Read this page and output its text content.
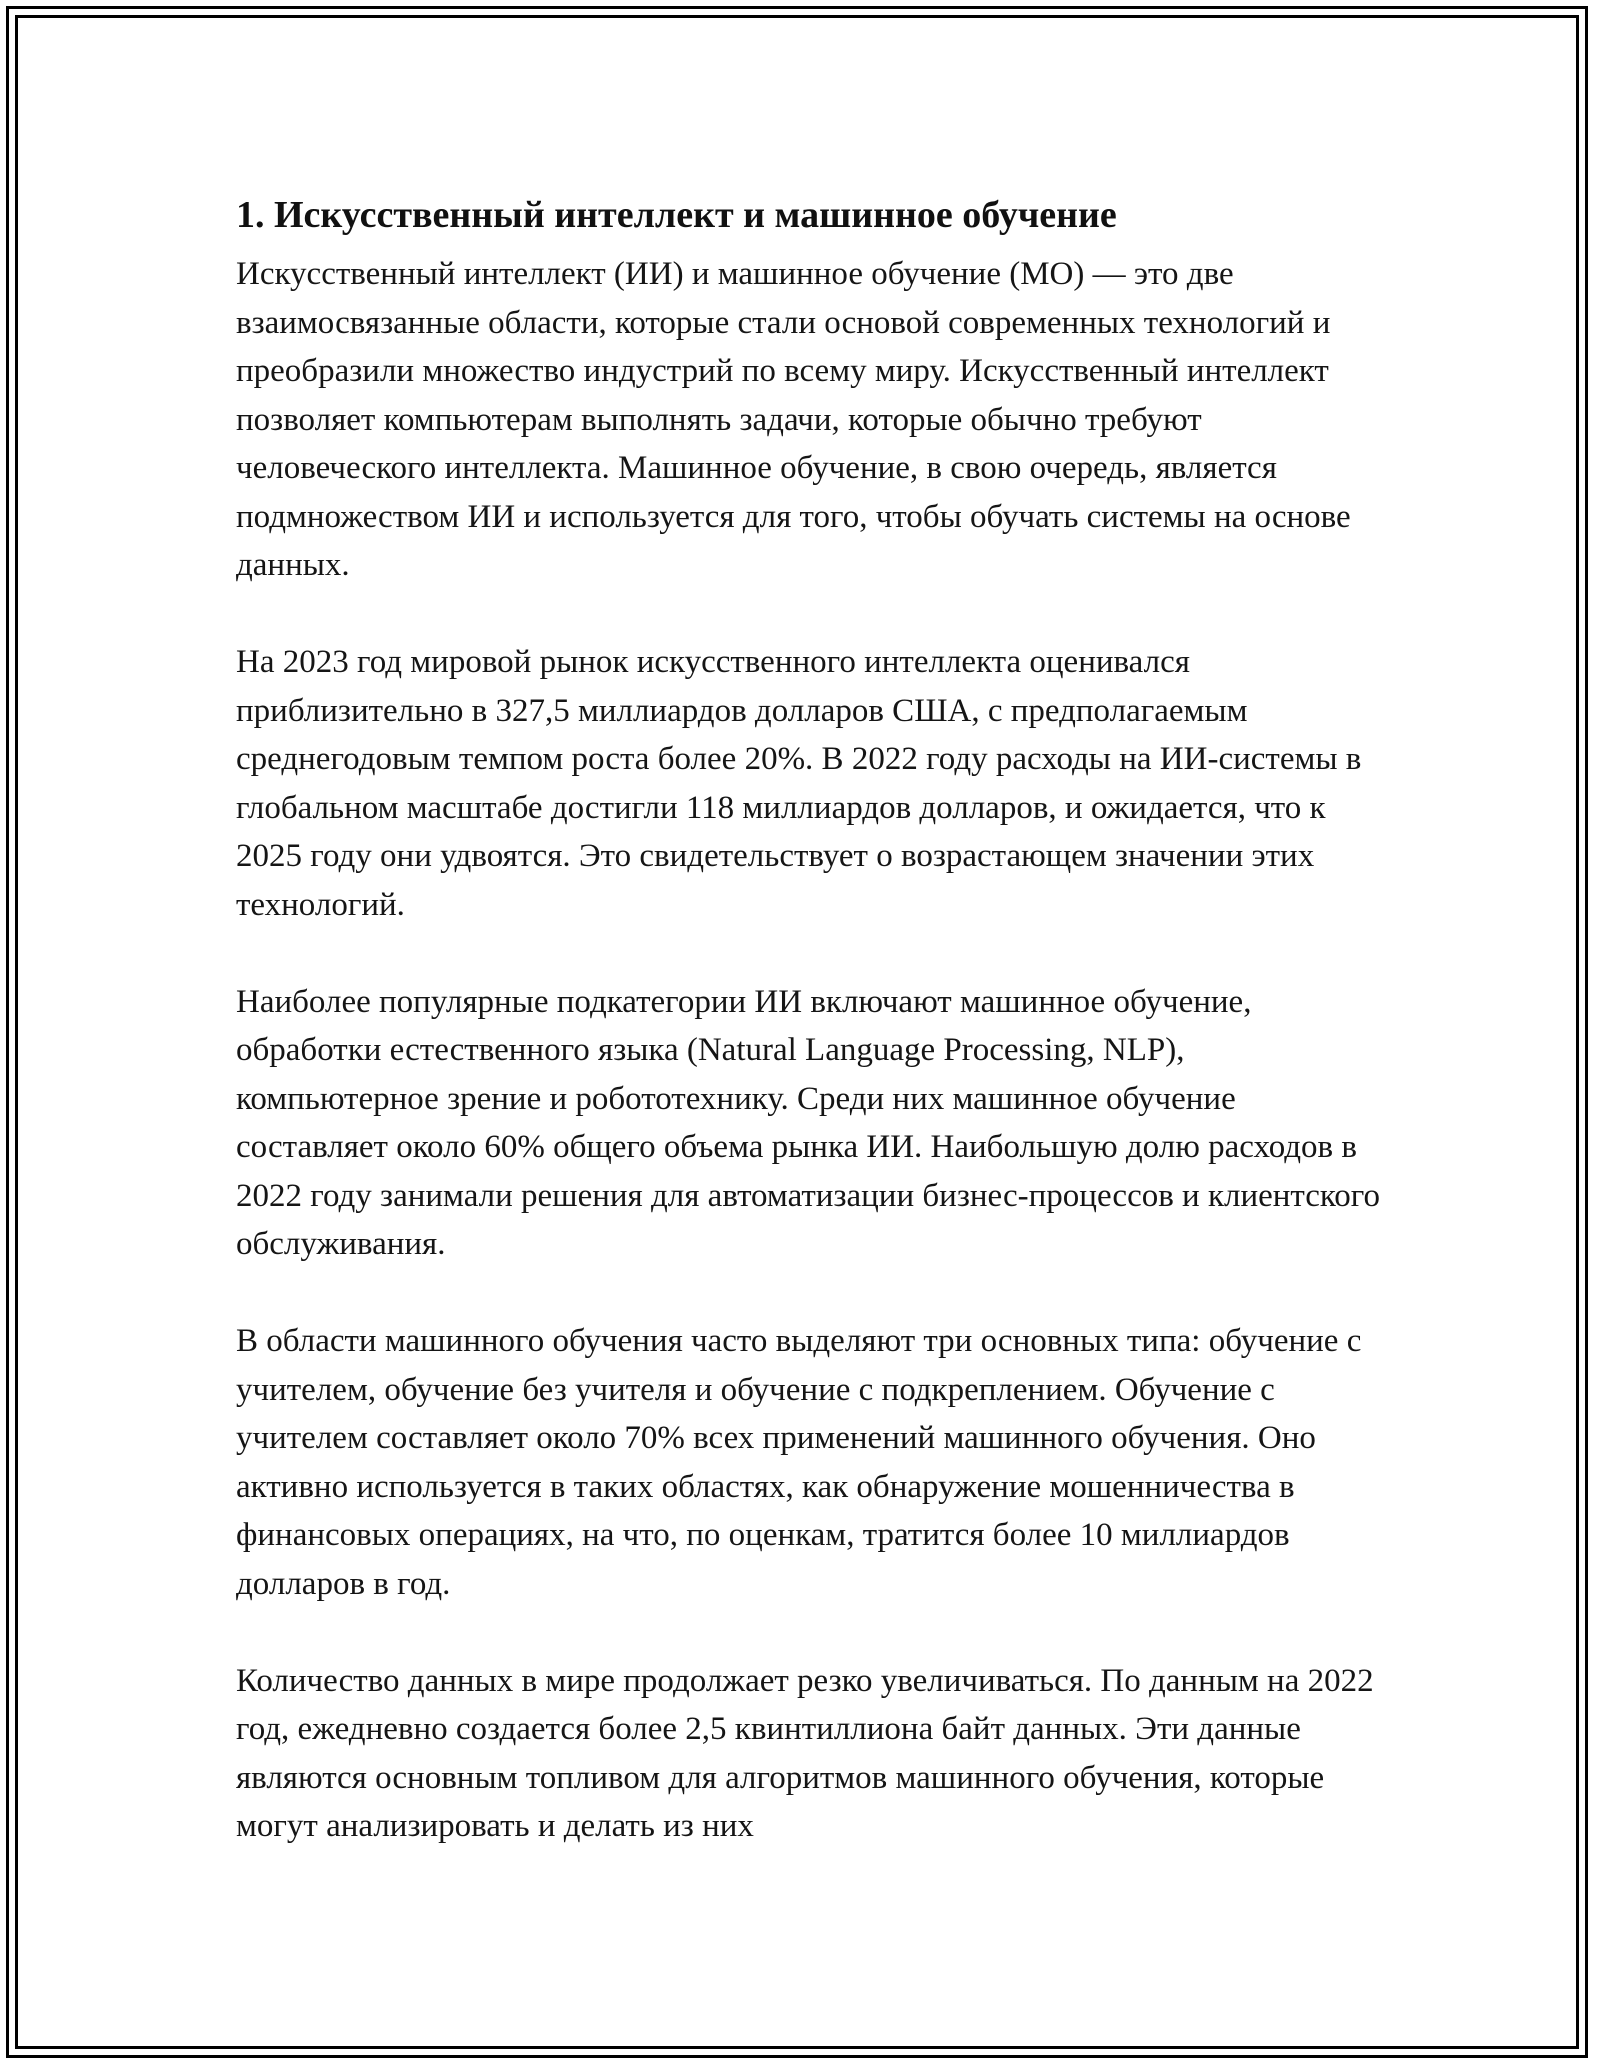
1. Искусственный интеллект и машинное обучение

Искусственный интеллект (ИИ) и машинное обучение (МО) — это две взаимосвязанные области, которые стали основой современных технологий и преобразили множество индустрий по всему миру. Искусственный интеллект позволяет компьютерам выполнять задачи, которые обычно требуют человеческого интеллекта. Машинное обучение, в свою очередь, является подмножеством ИИ и используется для того, чтобы обучать системы на основе данных.

На 2023 год мировой рынок искусственного интеллекта оценивался приблизительно в 327,5 миллиардов долларов США, с предполагаемым среднегодовым темпом роста более 20%. В 2022 году расходы на ИИ-системы в глобальном масштабе достигли 118 миллиардов долларов, и ожидается, что к 2025 году они удвоятся. Это свидетельствует о возрастающем значении этих технологий.

Наиболее популярные подкатегории ИИ включают машинное обучение, обработки естественного языка (Natural Language Processing, NLP), компьютерное зрение и робототехнику. Среди них машинное обучение составляет около 60% общего объема рынка ИИ. Наибольшую долю расходов в 2022 году занимали решения для автоматизации бизнес-процессов и клиентского обслуживания.

В области машинного обучения часто выделяют три основных типа: обучение с учителем, обучение без учителя и обучение с подкреплением. Обучение с учителем составляет около 70% всех применений машинного обучения. Оно активно используется в таких областях, как обнаружение мошенничества в финансовых операциях, на что, по оценкам, тратится более 10 миллиардов долларов в год.

Количество данных в мире продолжает резко увеличиваться. По данным на 2022 год, ежедневно создается более 2,5 квинтиллиона байт данных. Эти данные являются основным топливом для алгоритмов машинного обучения, которые могут анализировать и делать из них
